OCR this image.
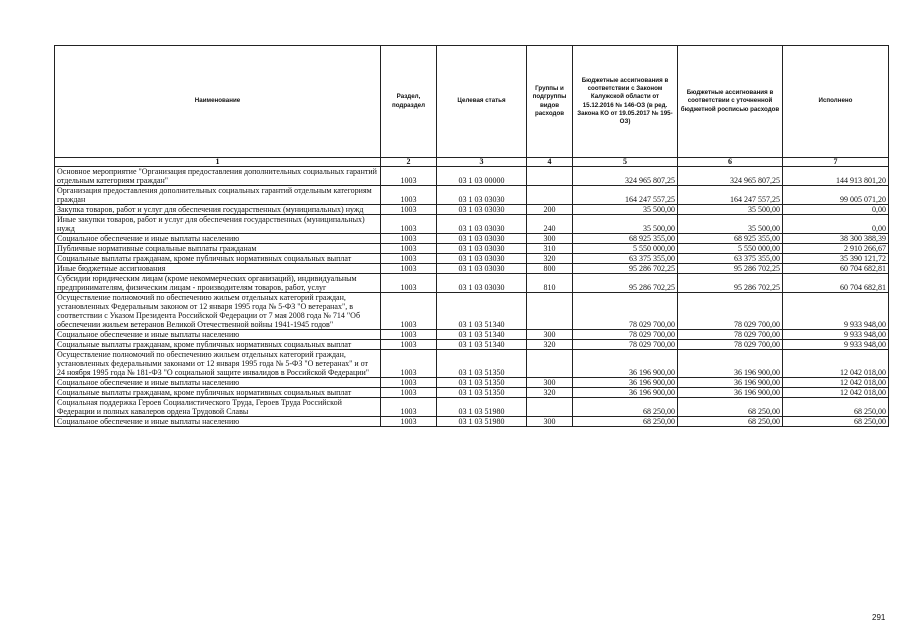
Наименование	Раздел, подраздел	Целевая статья	Группы и подгруппы видов расходов	Бюджетные ассигнования в соответствии с Законом Калужской области от 15.12.2016 № 146-ОЗ (в ред. Закона КО от 19.05.2017 № 195-ОЗ)	Бюджетные ассигнования в соответствии с уточненной бюджетной росписью расходов	Исполнено
1	2	3	4	5	6	7
Основное мероприятие "Организация предоставления дополнительных социальных гарантий отдельным категориям граждан"	1003	03 1 03 00000		324 965 807,25	324 965 807,25	144 913 801,20
Организация предоставления дополнительных социальных гарантий отдельным категориям граждан	1003	03 1 03 03030		164 247 557,25	164 247 557,25	99 005 071,20
Закупка товаров, работ и услуг для обеспечения государственных (муниципальных) нужд	1003	03 1 03 03030	200	35 500,00	35 500,00	0,00
Иные закупки товаров, работ и услуг для обеспечения государственных (муниципальных) нужд	1003	03 1 03 03030	240	35 500,00	35 500,00	0,00
Социальное обеспечение и иные выплаты населению	1003	03 1 03 03030	300	68 925 355,00	68 925 355,00	38 300 388,39
Публичные нормативные социальные выплаты гражданам	1003	03 1 03 03030	310	5 550 000,00	5 550 000,00	2 910 266,67
Социальные выплаты гражданам, кроме публичных нормативных социальных выплат	1003	03 1 03 03030	320	63 375 355,00	63 375 355,00	35 390 121,72
Иные бюджетные ассигнования	1003	03 1 03 03030	800	95 286 702,25	95 286 702,25	60 704 682,81
Субсидии юридическим лицам (кроме некоммерческих организаций), индивидуальным предпринимателям, физическим лицам - производителям товаров, работ, услуг	1003	03 1 03 03030	810	95 286 702,25	95 286 702,25	60 704 682,81
Осуществление полномочий по обеспечению жильем отдельных категорий граждан, установленных Федеральным законом от 12 января 1995 года № 5-ФЗ "О ветеранах", в соответствии с Указом Президента Российской Федерации от 7 мая 2008 года № 714 "Об обеспечении жильем ветеранов Великой Отечественной войны 1941-1945 годов"	1003	03 1 03 51340		78 029 700,00	78 029 700,00	9 933 948,00
Социальное обеспечение и иные выплаты населению	1003	03 1 03 51340	300	78 029 700,00	78 029 700,00	9 933 948,00
Социальные выплаты гражданам, кроме публичных нормативных социальных выплат	1003	03 1 03 51340	320	78 029 700,00	78 029 700,00	9 933 948,00
Осуществление полномочий по обеспечению жильем отдельных категорий граждан, установленных федеральными законами от 12 января 1995 года № 5-ФЗ "О ветеранах" и от 24 ноября 1995 года № 181-ФЗ "О социальной защите инвалидов в Российской Федерации"	1003	03 1 03 51350		36 196 900,00	36 196 900,00	12 042 018,00
Социальное обеспечение и иные выплаты населению	1003	03 1 03 51350	300	36 196 900,00	36 196 900,00	12 042 018,00
Социальные выплаты гражданам, кроме публичных нормативных социальных выплат	1003	03 1 03 51350	320	36 196 900,00	36 196 900,00	12 042 018,00
Социальная поддержка Героев Социалистического Труда, Героев Труда Российской Федерации и полных кавалеров ордена Трудовой Славы	1003	03 1 03 51980		68 250,00	68 250,00	68 250,00
Социальное обеспечение и иные выплаты населению	1003	03 1 03 51980	300	68 250,00	68 250,00	68 250,00
291
